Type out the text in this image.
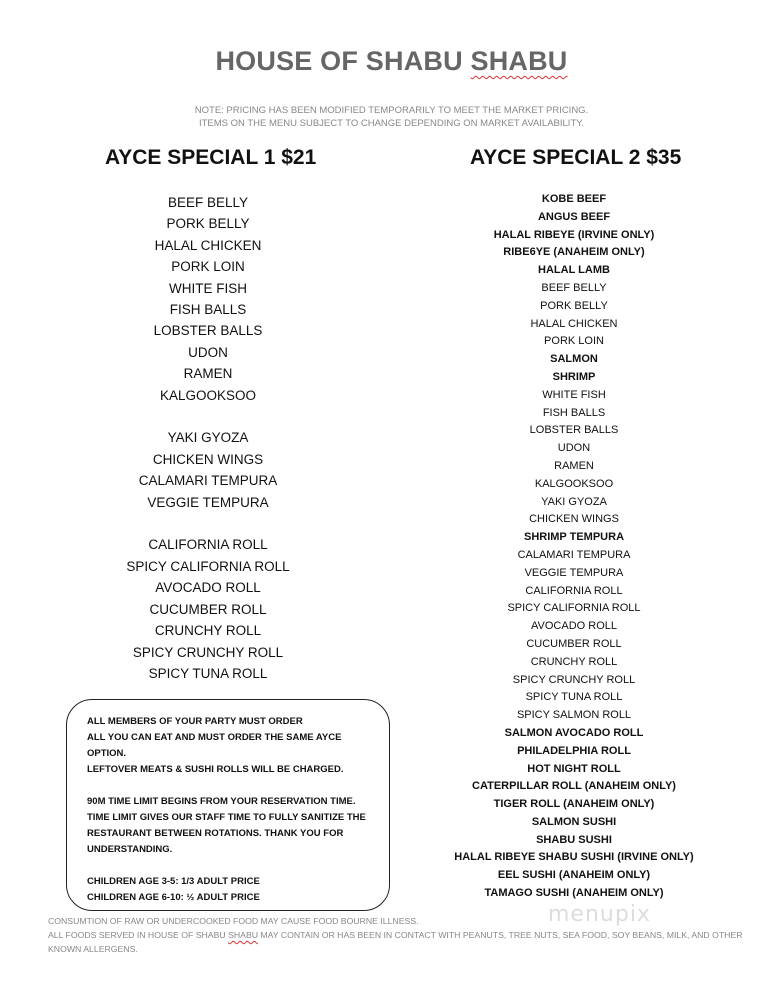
HOUSE OF SHABU SHABU
NOTE: PRICING HAS BEEN MODIFIED TEMPORARILY TO MEET THE MARKET PRICING.
ITEMS ON THE MENU SUBJECT TO CHANGE DEPENDING ON MARKET AVAILABILITY.
AYCE SPECIAL 1 $21	AYCE SPECIAL 2 $35
BEEF BELLY
PORK BELLY
HALAL CHICKEN
PORK LOIN
WHITE FISH
FISH BALLS
LOBSTER BALLS
UDON
RAMEN
KALGOOKSOO
YAKI GYOZA
CHICKEN WINGS
CALAMARI TEMPURA
VEGGIE TEMPURA
CALIFORNIA ROLL
SPICY CALIFORNIA ROLL
AVOCADO ROLL
CUCUMBER ROLL
CRUNCHY ROLL
SPICY CRUNCHY ROLL
SPICY TUNA ROLL
KOBE BEEF
ANGUS BEEF
HALAL RIBEYE (IRVINE ONLY)
RIBE6YE (ANAHEIM ONLY)
HALAL LAMB
BEEF BELLY
PORK BELLY
HALAL CHICKEN
PORK LOIN
SALMON
SHRIMP
WHITE FISH
FISH BALLS
LOBSTER BALLS
UDON
RAMEN
KALGOOKSOO
YAKI GYOZA
CHICKEN WINGS
SHRIMP TEMPURA
CALAMARI TEMPURA
VEGGIE TEMPURA
CALIFORNIA ROLL
SPICY CALIFORNIA ROLL
AVOCADO ROLL
CUCUMBER ROLL
CRUNCHY ROLL
SPICY CRUNCHY ROLL
SPICY TUNA ROLL
SPICY SALMON ROLL
SALMON AVOCADO ROLL
PHILADELPHIA ROLL
HOT NIGHT ROLL
CATERPILLAR ROLL (ANAHEIM ONLY)
TIGER ROLL (ANAHEIM ONLY)
SALMON SUSHI
SHABU SUSHI
HALAL RIBEYE SHABU SUSHI (IRVINE ONLY)
EEL SUSHI (ANAHEIM ONLY)
TAMAGO SUSHI (ANAHEIM ONLY)
ALL MEMBERS OF YOUR PARTY MUST ORDER
ALL YOU CAN EAT AND MUST ORDER THE SAME AYCE
OPTION.
LEFTOVER MEATS & SUSHI ROLLS WILL BE CHARGED.
90M TIME LIMIT BEGINS FROM YOUR RESERVATION TIME.
TIME LIMIT GIVES OUR STAFF TIME TO FULLY SANITIZE THE
RESTAURANT BETWEEN ROTATIONS. THANK YOU FOR
UNDERSTANDING.
CHILDREN AGE 3-5: 1/3 ADULT PRICE
CHILDREN AGE 6-10: ½ ADULT PRICE
menupix
CONSUMTION OF RAW OR UNDERCOOKED FOOD MAY CAUSE FOOD BOURNE ILLNESS.
ALL FOODS SERVED IN HOUSE OF SHABU SHABU MAY CONTAIN OR HAS BEEN IN CONTACT WITH PEANUTS, TREE NUTS, SEA FOOD, SOY BEANS, MILK, AND OTHER
KNOWN ALLERGENS.
